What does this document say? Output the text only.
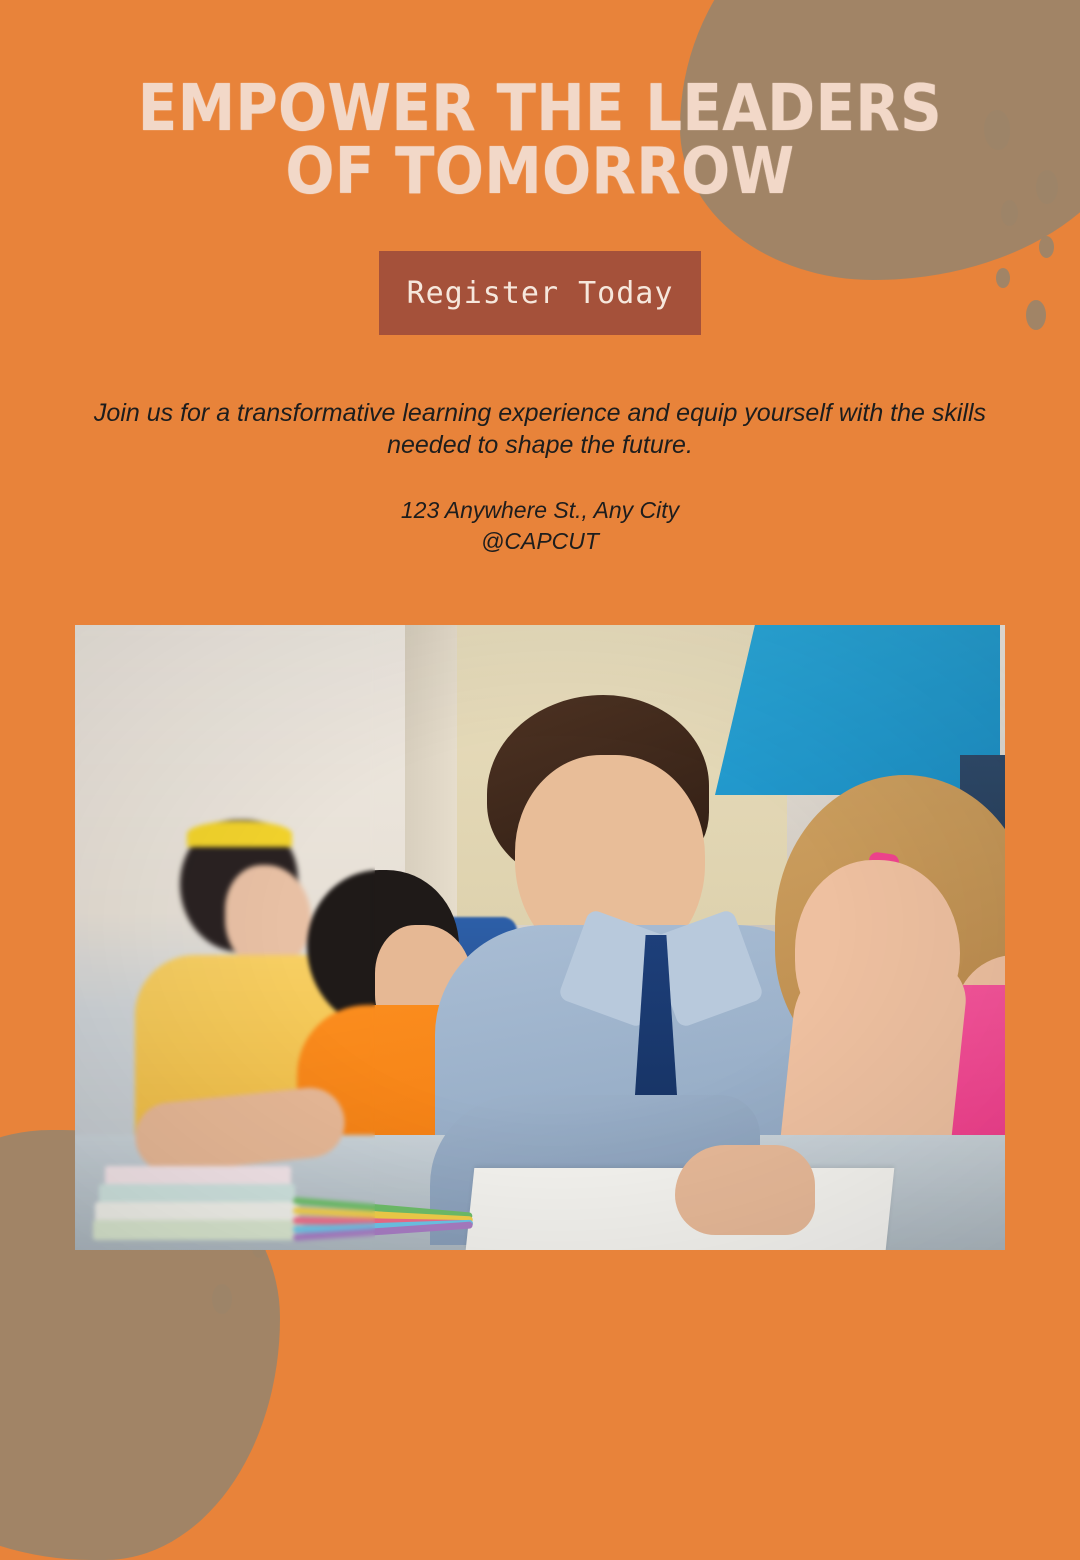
EMPOWER THE LEADERS OF TOMORROW
Register Today

Join us for a transformative learning experience and equip yourself with the skills needed to shape the future.

123 Anywhere St., Any City
@CAPCUT
